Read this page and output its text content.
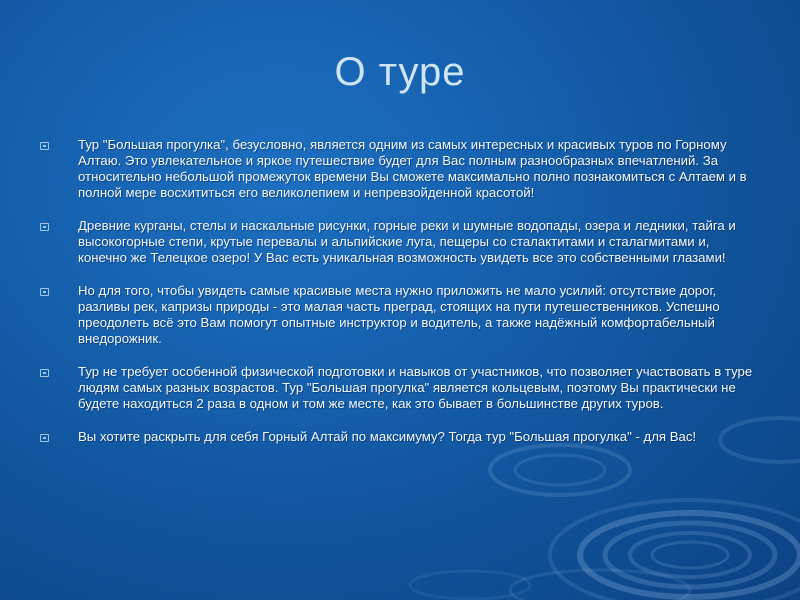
О туре
Тур "Большая прогулка", безусловно, является одним из самых интересных и красивых туров по Горному Алтаю. Это увлекательное и яркое путешествие будет для Вас полным разнообразных впечатлений. За относительно небольшой промежуток времени Вы сможете максимально полно познакомиться с Алтаем и в полной мере восхититься его великолепием и непревзойденной красотой!
Древние курганы, стелы и наскальные рисунки, горные реки и шумные водопады, озера и ледники, тайга и высокогорные степи, крутые перевалы и альпийские луга, пещеры со сталактитами и сталагмитами и, конечно же Телецкое озеро! У Вас есть уникальная возможность увидеть все это собственными глазами!
Но для того, чтобы увидеть самые красивые места нужно приложить не мало усилий: отсутствие дорог, разливы рек, капризы природы - это малая часть преград, стоящих на пути путешественников. Успешно преодолеть всё это Вам помогут опытные инструктор и водитель, а также надёжный комфортабельный внедорожник.
Тур не требует особенной физической подготовки и навыков от участников, что позволяет участвовать в туре людям самых разных возрастов. Тур "Большая прогулка" является кольцевым, поэтому Вы практически не будете находиться 2 раза в одном и том же месте, как это бывает в большинстве других туров.
Вы хотите раскрыть для себя Горный Алтай по максимуму? Тогда тур "Большая прогулка" - для Вас!
